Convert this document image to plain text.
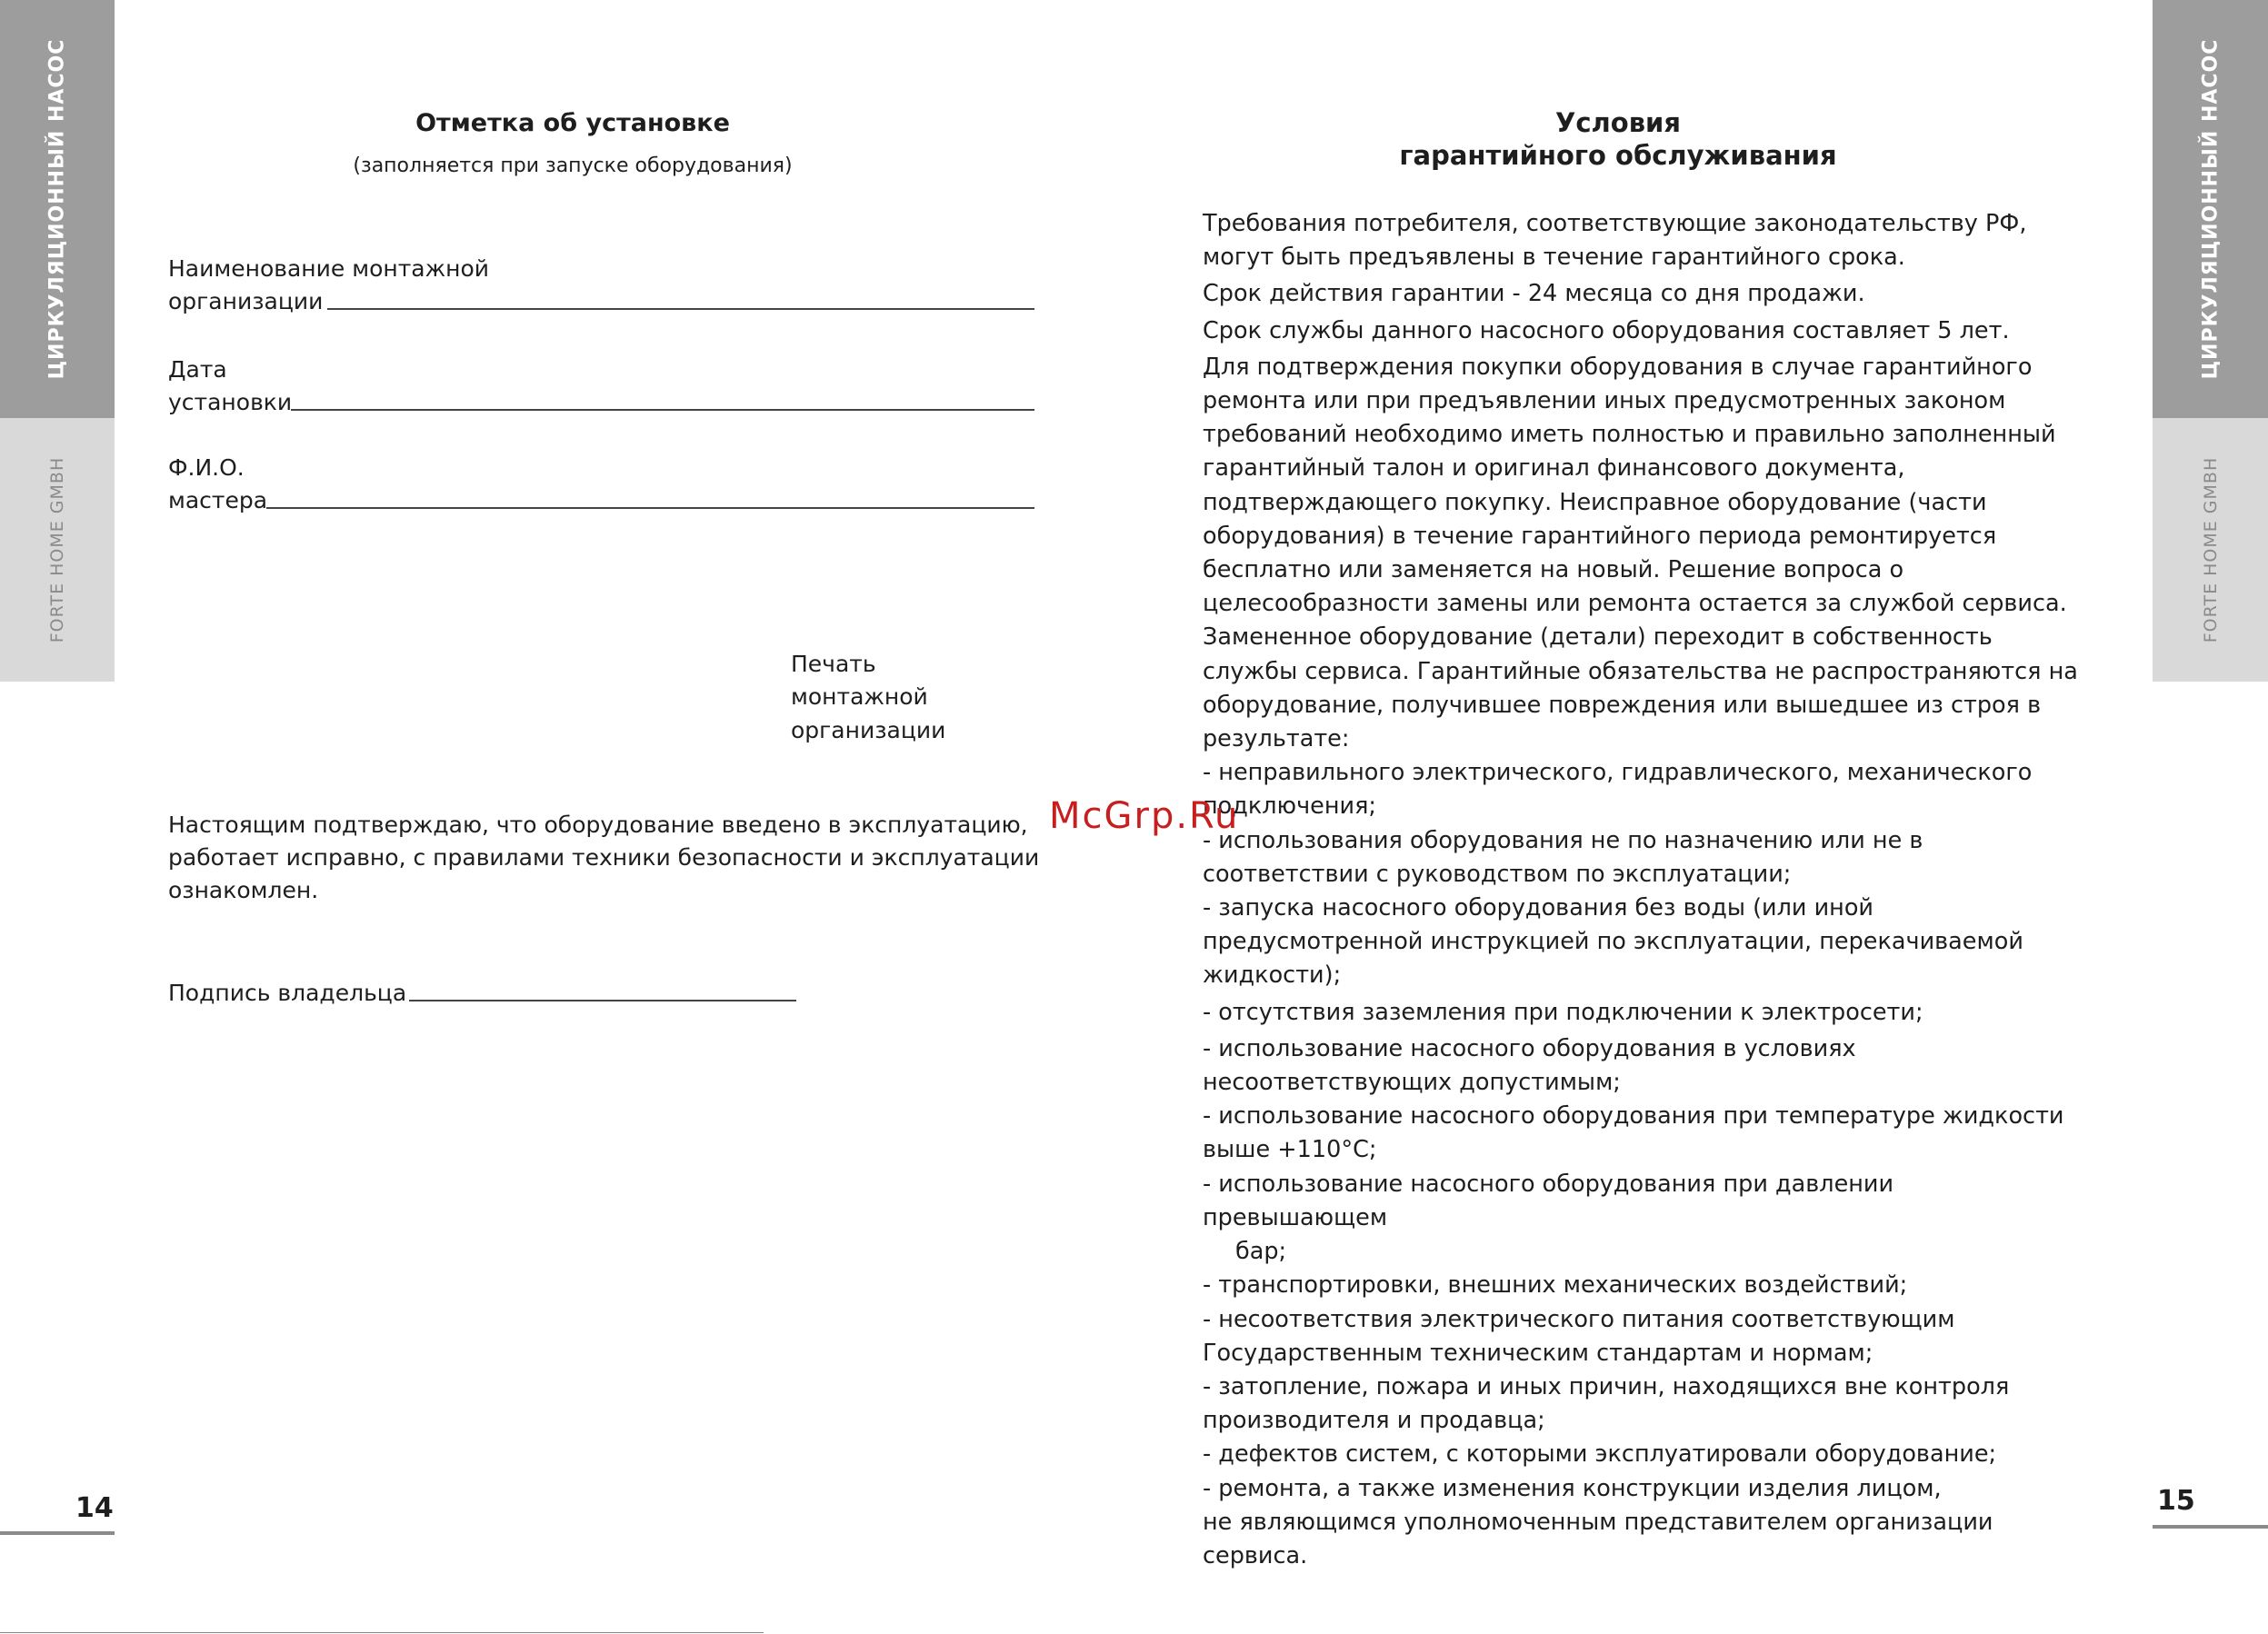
ЦИРКУЛЯЦИОННЫЙ НАСОС
FORTE HOME GMBH
ЦИРКУЛЯЦИОННЫЙ НАСОС
FORTE HOME GMBH
Отметка об установке
(заполняется при запуске оборудования)
Наименование монтажной
организации
Дата
установки
Ф.И.О.
мастера
Печать
монтажной
организации
Настоящим подтверждаю, что оборудование введено в эксплуатацию,
работает исправно, с правилами техники безопасности и эксплуатации
ознакомлен.
Подпись владельца
14
Условия
гарантийного обслуживания

Требования потребителя, соответствующие законодательству РФ, могут быть предъявлены в течение гарантийного срока.

Срок действия гарантии - 24 месяца со дня продажи.

Срок службы данного насосного оборудования составляет 5 лет.

Для подтверждения покупки оборудования в случае гарантийного ремонта или при предъявлении иных предусмотренных законом требований необходимо иметь полностью и правильно заполненный гарантийный талон и оригинал финансового документа, подтверждающего покупку. Неисправное оборудование (части оборудования) в течение гарантийного периода ремонтируется бесплатно или заменяется на новый. Решение вопроса о целесообразности замены или ремонта остается за службой сервиса. Замененное оборудование (детали) переходит в собственность службы сервиса. Гарантийные обязательства не распространяются на оборудование, получившее повреждения или вышедшее из строя в результате:

- неправильного электрического, гидравлического, механического подключения;

- использования оборудования не по назначению или не в соответствии с руководством по эксплуатации;

- запуска насосного оборудования без воды (или иной предусмотренной инструкцией по эксплуатации, перекачиваемой жидкости);

- отсутствия заземления при подключении к электросети;

- использование насосного оборудования в условиях несоответствующих допустимым;

- использование насосного оборудования при температуре жидкости выше +110°С;

- использование насосного оборудования при давлении превышающем

бар;

- транспортировки, внешних механических воздействий;

- несоответствия электрического питания соответствующим Государственным техническим стандартам и нормам;

- затопление, пожара и иных причин, находящихся вне контроля производителя и продавца;

- дефектов систем, с которыми эксплуатировали оборудование;

- ремонта, а также изменения конструкции изделия лицом,

не являющимся уполномоченным представителем организации сервиса.

15
McGrp.Ru
